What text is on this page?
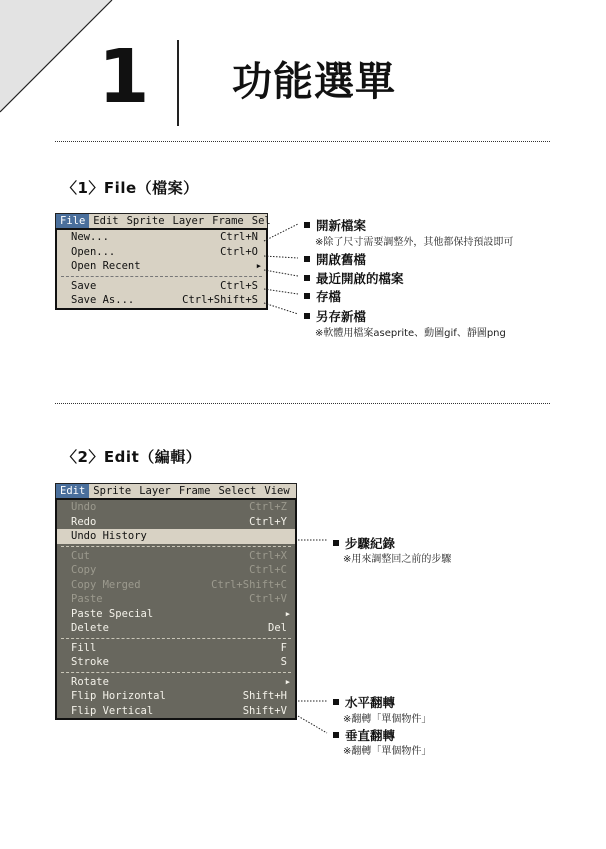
1 功能選單
〈1〉File（檔案）
File Edit Sprite Layer Frame Sel
New...	Ctrl+N
Open...	Ctrl+O
Open Recent	▶
Save	Ctrl+S
Save As...	Ctrl+Shift+S
開新檔案
※除了尺寸需要調整外，其他都保持預設即可
開啟舊檔
最近開啟的檔案
存檔
另存新檔
※軟體用檔案aseprite、動圖gif、靜圖png
〈2〉Edit（編輯）
Edit Sprite Layer Frame Select View
Undo	Ctrl+Z
Redo	Ctrl+Y
Undo History
Cut	Ctrl+X
Copy	Ctrl+C
Copy Merged	Ctrl+Shift+C
Paste	Ctrl+V
Paste Special	▶
Delete	Del
Fill	F
Stroke	S
Rotate	▶
Flip Horizontal	Shift+H
Flip Vertical	Shift+V
步驟紀錄
※用來調整回之前的步驟
水平翻轉
※翻轉「單個物件」
垂直翻轉
※翻轉「單個物件」
